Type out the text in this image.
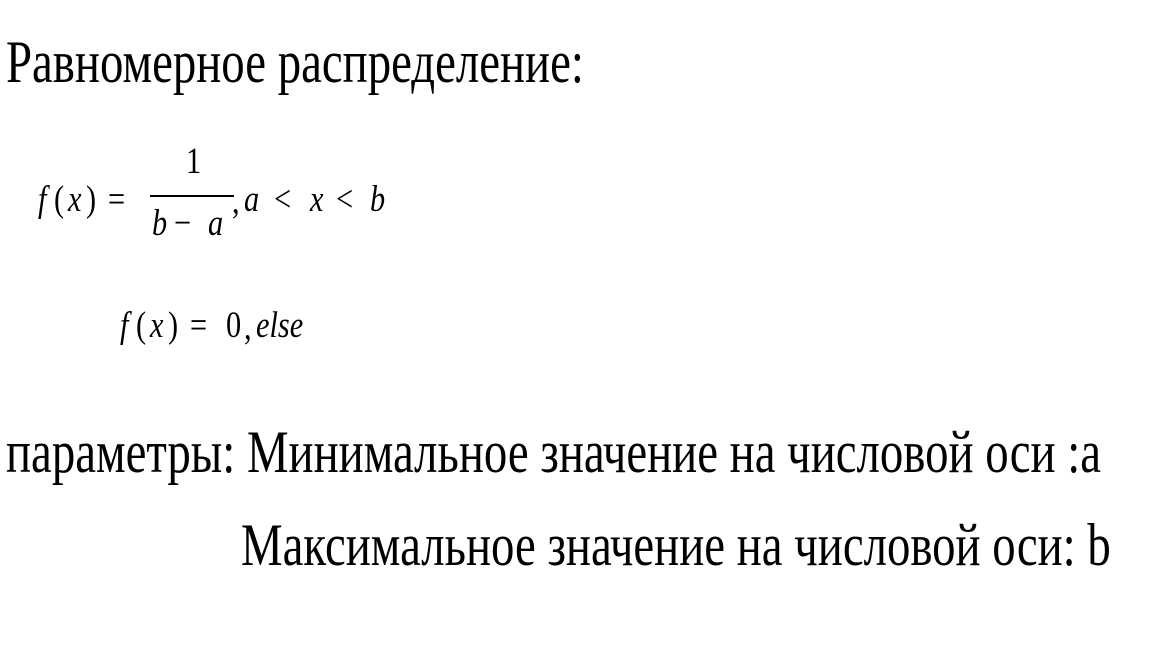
Равномерное распределение:
f ( x ) =
1
b − a
, a < x < b
f ( x ) = 0 , else
параметры: Минимальное значение на числовой оси :a
Максимальное значение на числовой оси: b
